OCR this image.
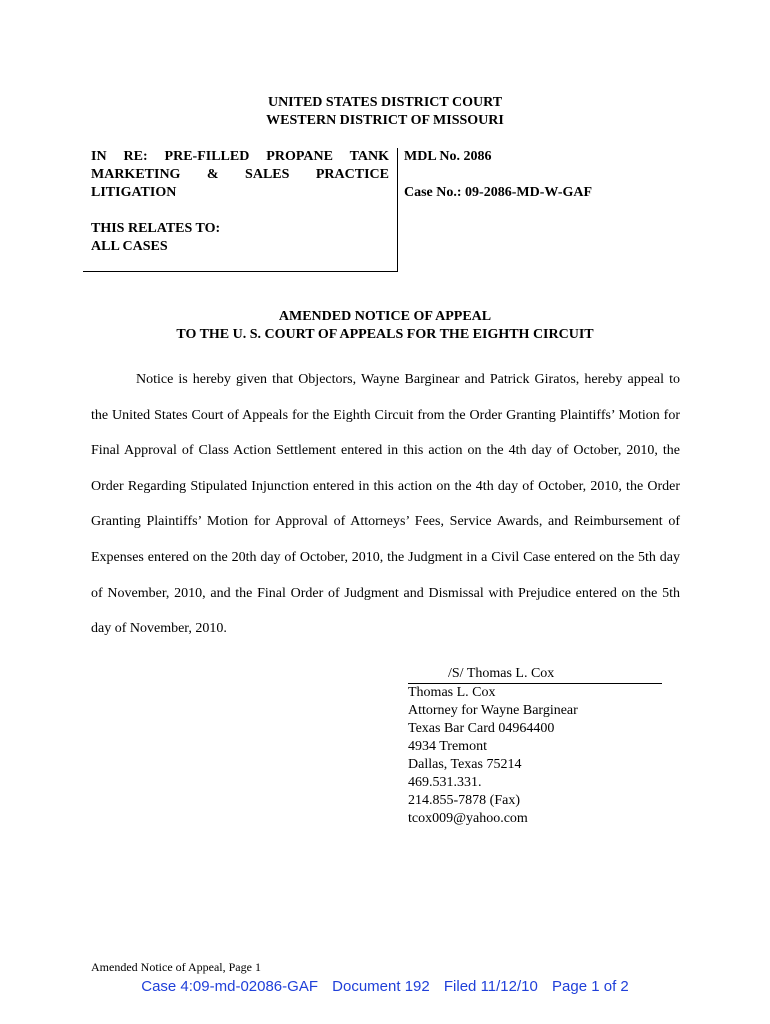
UNITED STATES DISTRICT COURT
WESTERN DISTRICT OF MISSOURI
IN RE: PRE-FILLED PROPANE TANK
MARKETING & SALES PRACTICE
LITIGATION
THIS RELATES TO:
ALL CASES
MDL No. 2086
Case No.: 09-2086-MD-W-GAF
AMENDED NOTICE OF APPEAL
TO THE U. S. COURT OF APPEALS FOR THE EIGHTH CIRCUIT

Notice is hereby given that Objectors, Wayne Barginear and Patrick Giratos, hereby appeal to the United States Court of Appeals for the Eighth Circuit from the Order Granting Plaintiffs’ Motion for Final Approval of Class Action Settlement entered in this action on the 4th day of October, 2010, the Order Regarding Stipulated Injunction entered in this action on the 4th day of October, 2010, the Order Granting Plaintiffs’ Motion for Approval of Attorneys’ Fees, Service Awards, and Reimbursement of Expenses entered on the 20th day of October, 2010, the Judgment in a Civil Case entered on the 5th day of November, 2010, and the Final Order of Judgment and Dismissal with Prejudice entered on the 5th day of November, 2010.

/S/ Thomas L. Cox
Thomas L. Cox
Attorney for Wayne Barginear
Texas Bar Card 04964400
4934 Tremont
Dallas, Texas 75214
469.531.331.
214.855-7878 (Fax)
tcox009@yahoo.com
Amended Notice of Appeal, Page 1
Case 4:09-md-02086-GAF Document 192 Filed 11/12/10 Page 1 of 2
